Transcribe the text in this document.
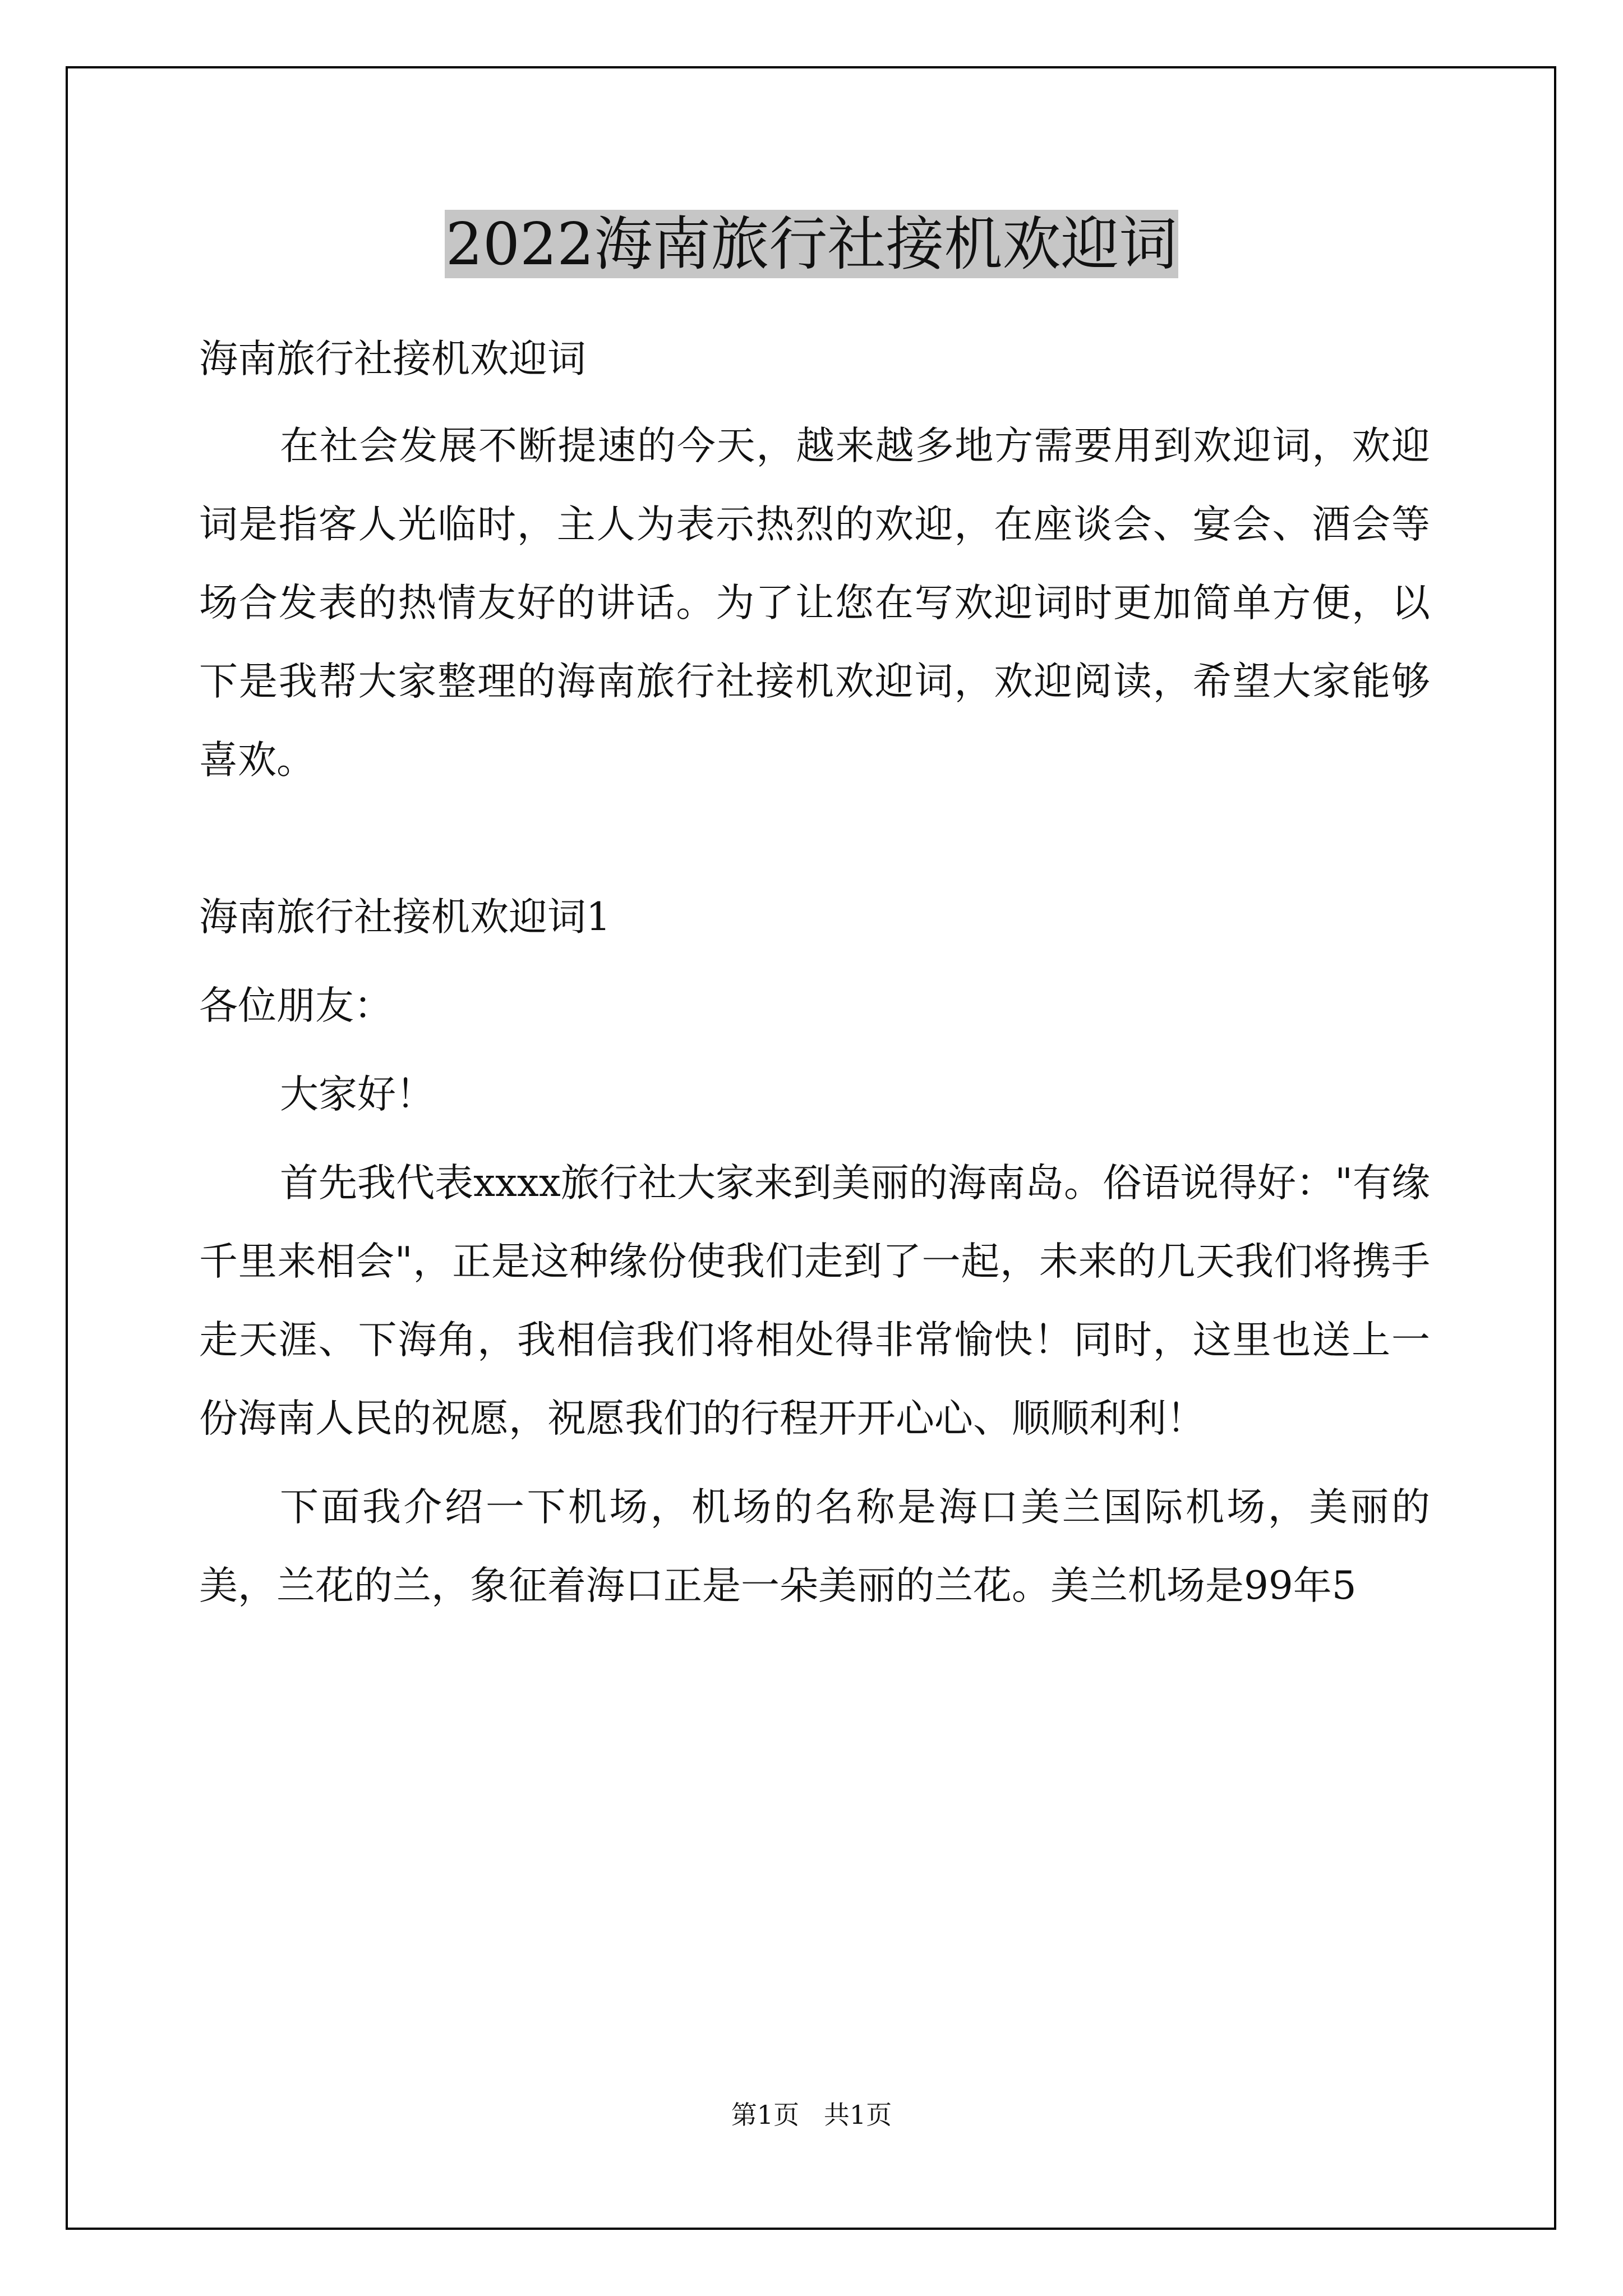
2022海南旅行社接机欢迎词

海南旅行社接机欢迎词

在社会发展不断提速的今天，越来越多地方需要用到欢迎词，欢迎词是指客人光临时，主人为表示热烈的欢迎，在座谈会、宴会、酒会等场合发表的热情友好的讲话。为了让您在写欢迎词时更加简单方便，以下是我帮大家整理的海南旅行社接机欢迎词，欢迎阅读，希望大家能够喜欢。

海南旅行社接机欢迎词1

各位朋友：

大家好！

首先我代表xxxx旅行社大家来到美丽的海南岛。俗语说得好："有缘千里来相会"，正是这种缘份使我们走到了一起，未来的几天我们将携手走天涯、下海角，我相信我们将相处得非常愉快！同时，这里也送上一份海南人民的祝愿，祝愿我们的行程开开心心、顺顺利利！

下面我介绍一下机场，机场的名称是海口美兰国际机场，美丽的美，兰花的兰，象征着海口正是一朵美丽的兰花。美兰机场是99年5

第1页   共1页
